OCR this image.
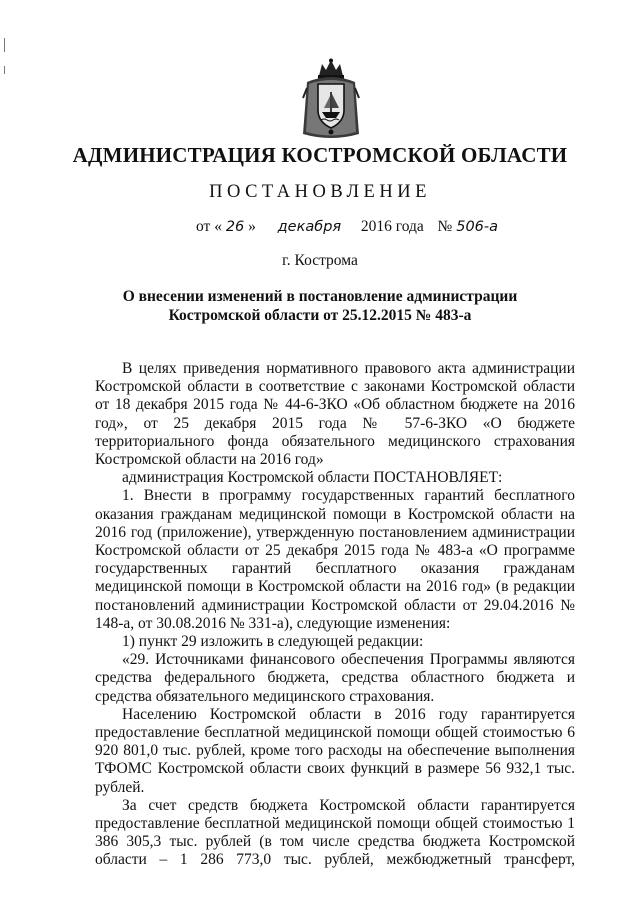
АДМИНИСТРАЦИЯ КОСТРОМСКОЙ ОБЛАСТИ
ПОСТАНОВЛЕНИЕ
от « 26 » декабря 2016 года № 506-а
г. Кострома
О внесении изменений в постановление администрации
Костромской области от 25.12.2015 № 483-а

В целях приведения нормативного правового акта администрации Костромской области в соответствие с законами Костромской области от 18 декабря 2015 года № 44-6-ЗКО «Об областном бюджете на 2016 год», от 25 декабря 2015 года № 57-6-ЗКО «О бюджете территориального фонда обязательного медицинского страхования Костромской области на 2016 год»

администрация Костромской области ПОСТАНОВЛЯЕТ:

1. Внести в программу государственных гарантий бесплатного оказания гражданам медицинской помощи в Костромской области на 2016 год (приложение), утвержденную постановлением администрации Костромской области от 25 декабря 2015 года № 483-а «О программе государственных гарантий бесплатного оказания гражданам медицинской помощи в Костромской области на 2016 год» (в редакции постановлений администрации Костромской области от 29.04.2016 № 148-а, от 30.08.2016 № 331-а), следующие изменения:

1) пункт 29 изложить в следующей редакции:

«29. Источниками финансового обеспечения Программы являются средства федерального бюджета, средства областного бюджета и средства обязательного медицинского страхования.

Населению Костромской области в 2016 году гарантируется предоставление бесплатной медицинской помощи общей стоимостью 6 920 801,0 тыс. рублей, кроме того расходы на обеспечение выполнения ТФОМС Костромской области своих функций в размере 56 932,1 тыс. рублей.

За счет средств бюджета Костромской области гарантируется предоставление бесплатной медицинской помощи общей стоимостью 1 386 305,3 тыс. рублей (в том числе средства бюджета Костромской области – 1 286 773,0 тыс. рублей, межбюджетный трансферт,
